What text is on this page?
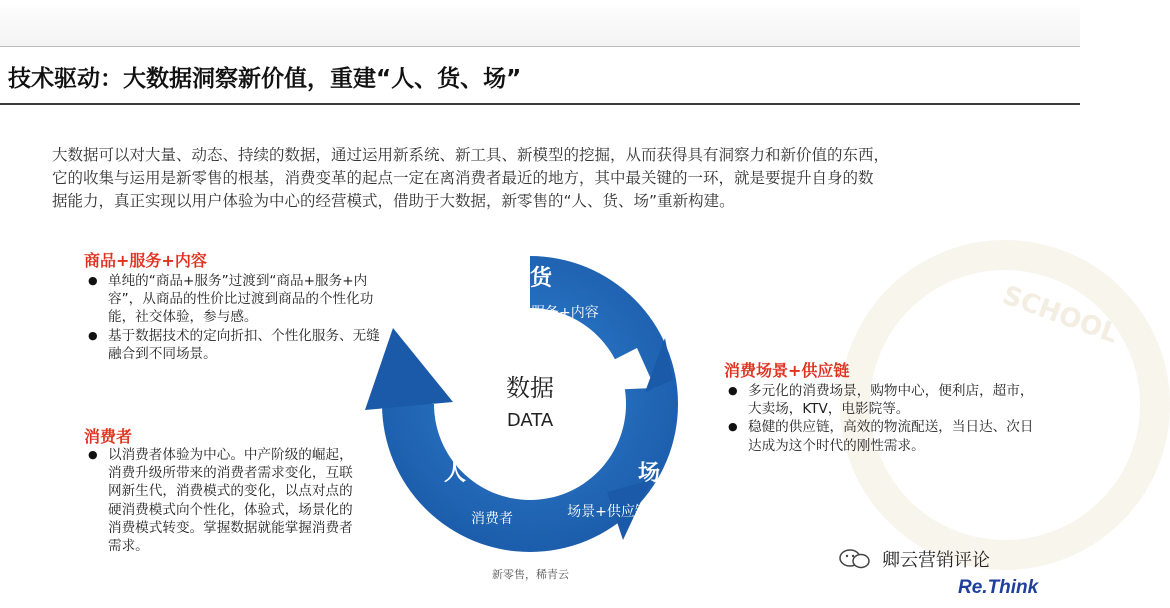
SCHOOL
技术驱动：大数据洞察新价值，重建“人、货、场”
大数据可以对大量、动态、持续的数据，通过运用新系统、新工具、新模型的挖掘，从而获得具有洞察力和新价值的东西，
它的收集与运用是新零售的根基，消费变革的起点一定在离消费者最近的地方，其中最关键的一环，就是要提升自身的数
据能力，真正实现以用户体验为中心的经营模式，借助于大数据，新零售的“人、货、场”重新构建。
商品+服务+内容
● 单纯的“商品+服务”过渡到“商品+服务+内容”，从商品的性价比过渡到商品的个性化功能，社交体验，参与感。
● 基于数据技术的定向折扣、个性化服务、无缝融合到不同场景。
消费者
● 以消费者体验为中心。中产阶级的崛起，消费升级所带来的消费者需求变化，互联网新生代，消费模式的变化，以点对点的硬消费模式向个性化，体验式，场景化的消费模式转变。掌握数据就能掌握消费者需求。
消费场景+供应链
● 多元化的消费场景，购物中心，便利店，超市，大卖场，KTV，电影院等。
● 稳健的供应链，高效的物流配送，当日达、次日达成为这个时代的刚性需求。
数据
DATA
货
商品+服务+内容
人
消费者
场
场景+供应链
新零售，稀青云
卿云营销评论
Re.Think
